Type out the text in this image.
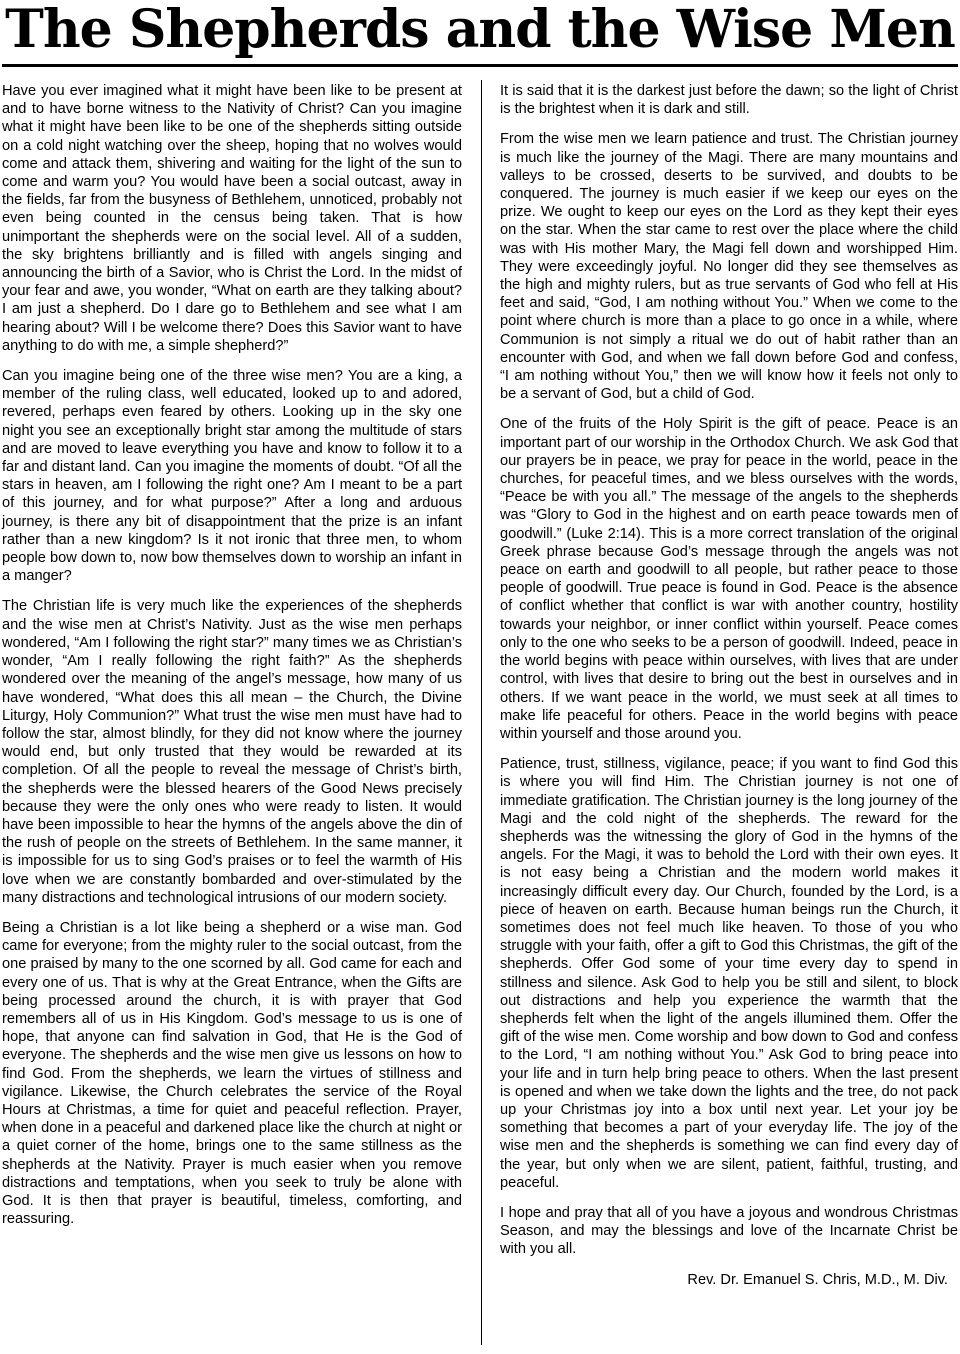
The Shepherds and the Wise Men

Have you ever imagined what it might have been like to be present at and to have borne witness to the Nativity of Christ? Can you imagine what it might have been like to be one of the shepherds sitting outside on a cold night watching over the sheep, hoping that no wolves would come and attack them, shivering and waiting for the light of the sun to come and warm you? You would have been a social outcast, away in the fields, far from the busyness of Bethlehem, unnoticed, probably not even being counted in the census being taken. That is how unimportant the shepherds were on the social level. All of a sudden, the sky brightens brilliantly and is filled with angels singing and announcing the birth of a Savior, who is Christ the Lord. In the midst of your fear and awe, you wonder, “What on earth are they talking about? I am just a shepherd. Do I dare go to Bethlehem and see what I am hearing about? Will I be welcome there? Does this Savior want to have anything to do with me, a simple shepherd?”

Can you imagine being one of the three wise men? You are a king, a member of the ruling class, well educated, looked up to and adored, revered, perhaps even feared by others. Looking up in the sky one night you see an exceptionally bright star among the multitude of stars and are moved to leave everything you have and know to follow it to a far and distant land. Can you imagine the moments of doubt. “Of all the stars in heaven, am I following the right one? Am I meant to be a part of this journey, and for what purpose?” After a long and arduous journey, is there any bit of disappointment that the prize is an infant rather than a new kingdom? Is it not ironic that three men, to whom people bow down to, now bow themselves down to worship an infant in a manger?

The Christian life is very much like the experiences of the shepherds and the wise men at Christ’s Nativity. Just as the wise men perhaps wondered, “Am I following the right star?” many times we as Christian’s wonder, “Am I really following the right faith?” As the shepherds wondered over the meaning of the angel’s message, how many of us have wondered, “What does this all mean – the Church, the Divine Liturgy, Holy Communion?” What trust the wise men must have had to follow the star, almost blindly, for they did not know where the journey would end, but only trusted that they would be rewarded at its completion. Of all the people to reveal the message of Christ’s birth, the shepherds were the blessed hearers of the Good News precisely because they were the only ones who were ready to listen. It would have been impossible to hear the hymns of the angels above the din of the rush of people on the streets of Bethlehem. In the same manner, it is impossible for us to sing God’s praises or to feel the warmth of His love when we are constantly bombarded and over-stimulated by the many distractions and technological intrusions of our modern society.

Being a Christian is a lot like being a shepherd or a wise man. God came for everyone; from the mighty ruler to the social outcast, from the one praised by many to the one scorned by all. God came for each and every one of us. That is why at the Great Entrance, when the Gifts are being processed around the church, it is with prayer that God remembers all of us in His Kingdom. God’s message to us is one of hope, that anyone can find salvation in God, that He is the God of everyone. The shepherds and the wise men give us lessons on how to find God. From the shepherds, we learn the virtues of stillness and vigilance. Likewise, the Church celebrates the service of the Royal Hours at Christmas, a time for quiet and peaceful reflection. Prayer, when done in a peaceful and darkened place like the church at night or a quiet corner of the home, brings one to the same stillness as the shepherds at the Nativity. Prayer is much easier when you remove distractions and temptations, when you seek to truly be alone with God. It is then that prayer is beautiful, timeless, comforting, and reassuring.

It is said that it is the darkest just before the dawn; so the light of Christ is the brightest when it is dark and still.

From the wise men we learn patience and trust. The Christian journey is much like the journey of the Magi. There are many mountains and valleys to be crossed, deserts to be survived, and doubts to be conquered. The journey is much easier if we keep our eyes on the prize. We ought to keep our eyes on the Lord as they kept their eyes on the star. When the star came to rest over the place where the child was with His mother Mary, the Magi fell down and worshipped Him. They were exceedingly joyful. No longer did they see themselves as the high and mighty rulers, but as true servants of God who fell at His feet and said, “God, I am nothing without You.” When we come to the point where church is more than a place to go once in a while, where Communion is not simply a ritual we do out of habit rather than an encounter with God, and when we fall down before God and confess, “I am nothing without You,” then we will know how it feels not only to be a servant of God, but a child of God.

One of the fruits of the Holy Spirit is the gift of peace. Peace is an important part of our worship in the Orthodox Church. We ask God that our prayers be in peace, we pray for peace in the world, peace in the churches, for peaceful times, and we bless ourselves with the words, “Peace be with you all.” The message of the angels to the shepherds was “Glory to God in the highest and on earth peace towards men of goodwill.” (Luke 2:14). This is a more correct translation of the original Greek phrase because God’s message through the angels was not peace on earth and goodwill to all people, but rather peace to those people of goodwill. True peace is found in God. Peace is the absence of conflict whether that conflict is war with another country, hostility towards your neighbor, or inner conflict within yourself. Peace comes only to the one who seeks to be a person of goodwill. Indeed, peace in the world begins with peace within ourselves, with lives that are under control, with lives that desire to bring out the best in ourselves and in others. If we want peace in the world, we must seek at all times to make life peaceful for others. Peace in the world begins with peace within yourself and those around you.

Patience, trust, stillness, vigilance, peace; if you want to find God this is where you will find Him. The Christian journey is not one of immediate gratification. The Christian journey is the long journey of the Magi and the cold night of the shepherds. The reward for the shepherds was the witnessing the glory of God in the hymns of the angels. For the Magi, it was to behold the Lord with their own eyes. It is not easy being a Christian and the modern world makes it increasingly difficult every day. Our Church, founded by the Lord, is a piece of heaven on earth. Because human beings run the Church, it sometimes does not feel much like heaven. To those of you who struggle with your faith, offer a gift to God this Christmas, the gift of the shepherds. Offer God some of your time every day to spend in stillness and silence. Ask God to help you be still and silent, to block out distractions and help you experience the warmth that the shepherds felt when the light of the angels illumined them. Offer the gift of the wise men. Come worship and bow down to God and confess to the Lord, “I am nothing without You.” Ask God to bring peace into your life and in turn help bring peace to others. When the last present is opened and when we take down the lights and the tree, do not pack up your Christmas joy into a box until next year. Let your joy be something that becomes a part of your everyday life. The joy of the wise men and the shepherds is something we can find every day of the year, but only when we are silent, patient, faithful, trusting, and peaceful.

I hope and pray that all of you have a joyous and wondrous Christmas Season, and may the blessings and love of the Incarnate Christ be with you all.

Rev. Dr. Emanuel S. Chris, M.D., M. Div.
